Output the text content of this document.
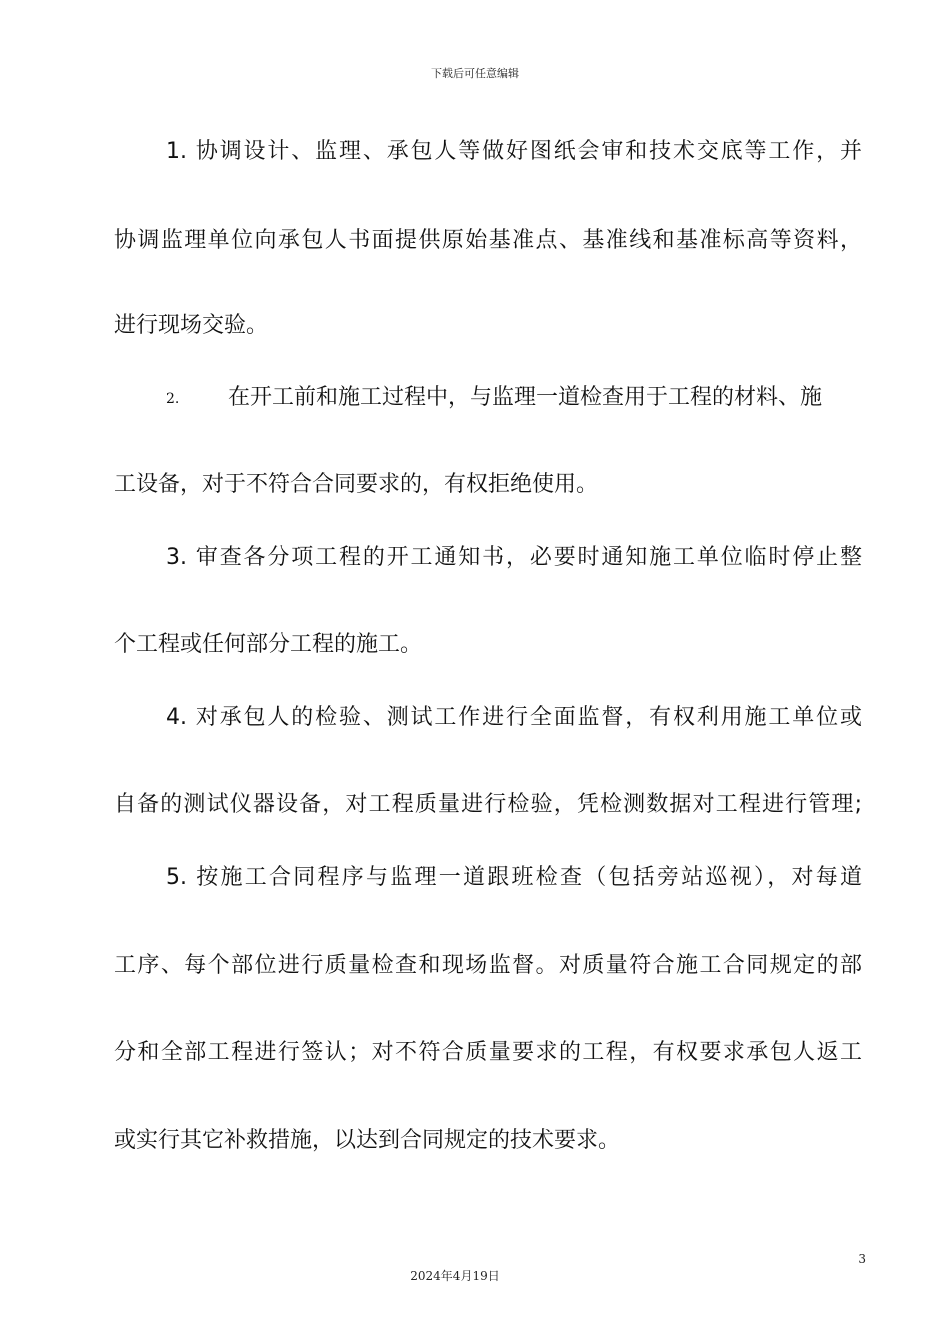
下载后可任意编辑
1. 协调设计、监理、承包人等做好图纸会审和技术交底等工作，并
协调监理单位向承包人书面提供原始基准点、基准线和基准标高等资料，
进行现场交验。
2. 在开工前和施工过程中，与监理一道检查用于工程的材料、施
工设备，对于不符合合同要求的，有权拒绝使用。
3. 审查各分项工程的开工通知书，必要时通知施工单位临时停止整
个工程或任何部分工程的施工。
4. 对承包人的检验、测试工作进行全面监督，有权利用施工单位或
自备的测试仪器设备，对工程质量进行检验，凭检测数据对工程进行管理;
5. 按施工合同程序与监理一道跟班检查（包括旁站巡视），对每道
工序、每个部位进行质量检查和现场监督。对质量符合施工合同规定的部
分和全部工程进行签认；对不符合质量要求的工程，有权要求承包人返工
或实行其它补救措施，以达到合同规定的技术要求。
3
2024年4月19日
